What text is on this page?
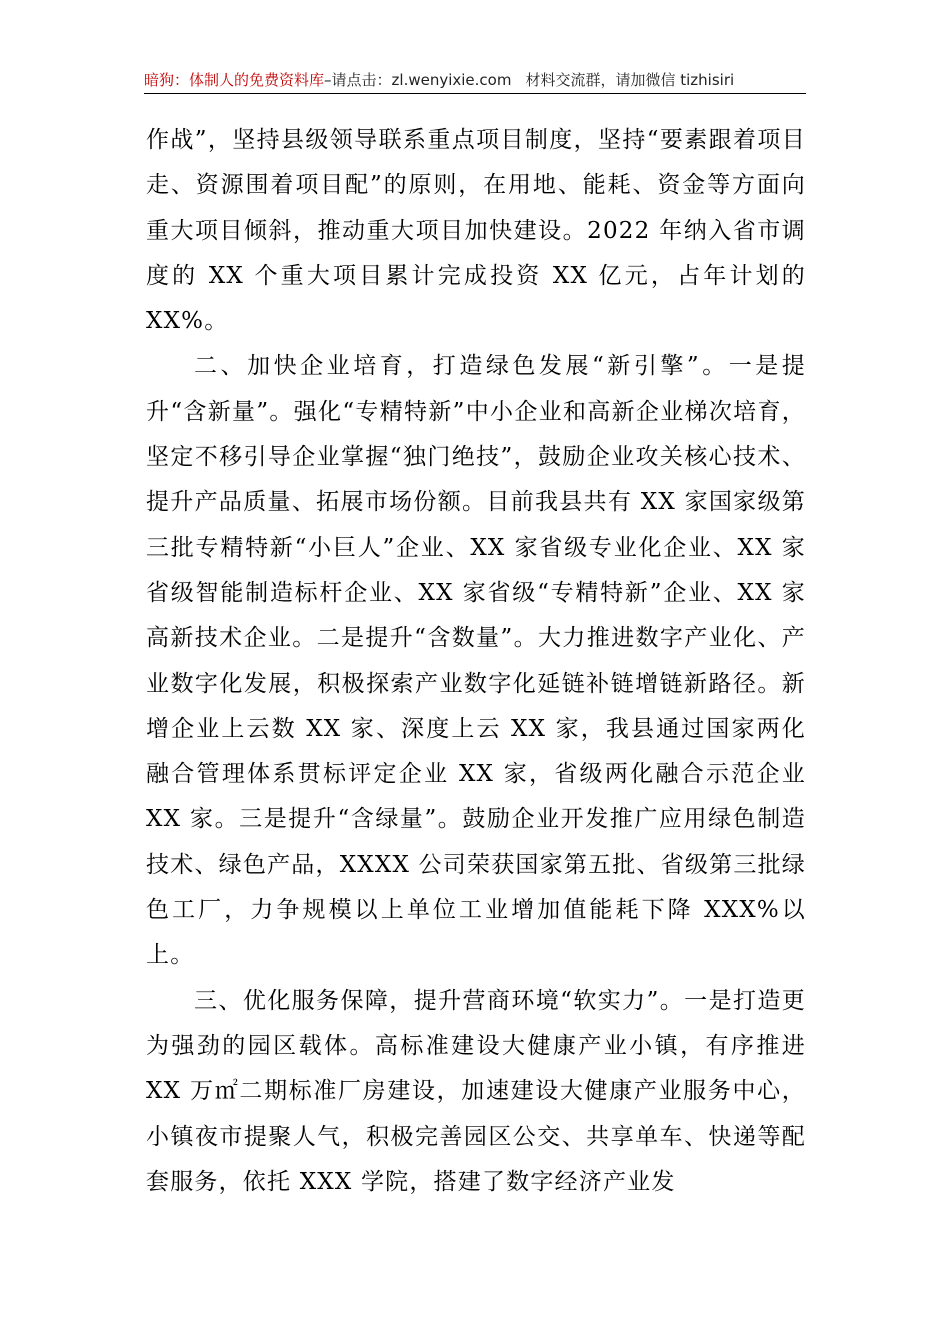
暗狗：体制人的免费资料库–请点击：zl.wenyixie.com 材料交流群，请加微信 tizhisiri

作战”，坚持县级领导联系重点项目制度，坚持“要素跟着项目走、资源围着项目配”的原则，在用地、能耗、资金等方面向重大项目倾斜，推动重大项目加快建设。2022 年纳入省市调度的 XX 个重大项目累计完成投资 XX 亿元，占年计划的 XX%。

二、加快企业培育，打造绿色发展“新引擎”。一是提升“含新量”。强化“专精特新”中小企业和高新企业梯次培育，坚定不移引导企业掌握“独门绝技”，鼓励企业攻关核心技术、提升产品质量、拓展市场份额。目前我县共有 XX 家国家级第三批专精特新“小巨人”企业、XX 家省级专业化企业、XX 家省级智能制造标杆企业、XX 家省级“专精特新”企业、XX 家高新技术企业。二是提升“含数量”。大力推进数字产业化、产业数字化发展，积极探索产业数字化延链补链增链新路径。新增企业上云数 XX 家、深度上云 XX 家，我县通过国家两化融合管理体系贯标评定企业 XX 家，省级两化融合示范企业 XX 家。三是提升“含绿量”。鼓励企业开发推广应用绿色制造技术、绿色产品，XXXX 公司荣获国家第五批、省级第三批绿色工厂，力争规模以上单位工业增加值能耗下降 XXX%以上。

三、优化服务保障，提升营商环境“软实力”。一是打造更为强劲的园区载体。高标准建设大健康产业小镇，有序推进 XX 万㎡二期标准厂房建设，加速建设大健康产业服务中心，小镇夜市提聚人气，积极完善园区公交、共享单车、快递等配套服务，依托 XXX 学院，搭建了数字经济产业发
